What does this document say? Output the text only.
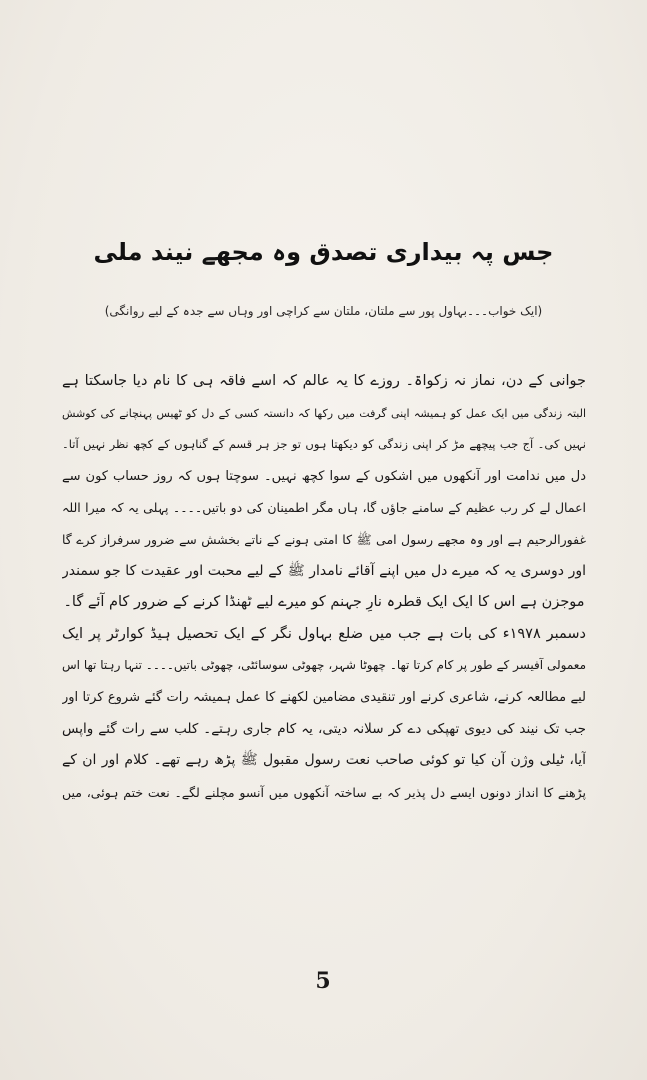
جس پہ بیداری تصدق وہ مجھے نیند ملی
(ایک خواب۔۔۔بہاول پور سے ملتان، ملتان سے کراچی اور وہاں سے جدہ کے لیے روانگی)
جوانی کے دن، نماز نہ زکواۃ۔ روزے کا یہ عالم کہ اسے فاقہ ہی کا نام دیا جاسکتا ہے
البتہ زندگی میں ایک عمل کو ہمیشہ اپنی گرفت میں رکھا کہ دانستہ کسی کے دل کو ٹھیس پہنچانے کی کوشش
نہیں کی۔ آج جب پیچھے مڑ کر اپنی زندگی کو دیکھتا ہوں تو جز ہر قسم کے گناہوں کے کچھ نظر نہیں آتا۔
دل میں ندامت اور آنکھوں میں اشکوں کے سوا کچھ نہیں۔ سوچتا ہوں کہ روز حساب کون سے
اعمال لے کر رب عظیم کے سامنے جاؤں گا، ہاں مگر اطمینان کی دو باتیں۔۔۔۔ پہلی یہ کہ میرا اللہ
غفورالرحیم ہے اور وہ مجھے رسول امی ﷺ کا امتی ہونے کے ناتے بخشش سے ضرور سرفراز کرے گا
اور دوسری یہ کہ میرے دل میں اپنے آقائے نامدار ﷺ کے لیے محبت اور عقیدت کا جو سمندر
موجزن ہے اس کا ایک ایک قطرہ نارِ جہنم کو میرے لیے ٹھنڈا کرنے کے ضرور کام آئے گا۔
دسمبر ۱۹۷۸ء کی بات ہے جب میں ضلع بہاول نگر کے ایک تحصیل ہیڈ کوارٹر پر ایک
معمولی آفیسر کے طور پر کام کرتا تھا۔ چھوٹا شہر، چھوٹی سوسائٹی، چھوٹی باتیں۔۔۔۔ تنہا رہتا تھا اس
لیے مطالعہ کرنے، شاعری کرنے اور تنقیدی مضامین لکھنے کا عمل ہمیشہ رات گئے شروع کرتا اور
جب تک نیند کی دیوی تھپکی دے کر سلانہ دیتی، یہ کام جاری رہتے۔ کلب سے رات گئے واپس
آیا، ٹیلی وژن آن کیا تو کوئی صاحب نعت رسول مقبول ﷺ پڑھ رہے تھے۔ کلام اور ان کے
پڑھنے کا انداز دونوں ایسے دل پذیر کہ بے ساختہ آنکھوں میں آنسو مچلنے لگے۔ نعت ختم ہوئی، میں
5
